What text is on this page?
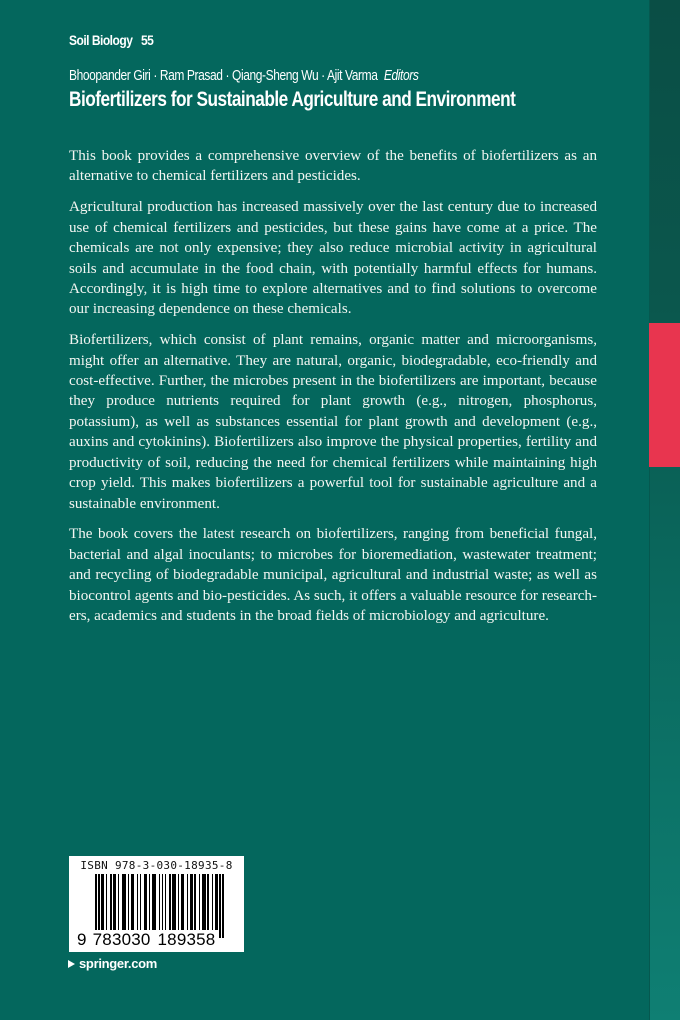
Soil Biology 55
Bhoopander Giri · Ram Prasad · Qiang-Sheng Wu · Ajit Varma Editors
Biofertilizers for Sustainable Agriculture and Environment

This book provides a comprehensive overview of the benefits of biofertilizers as an alternative to chemical fertilizers and pesticides.

Agricultural production has increased massively over the last century due to increased use of chemical fertilizers and pesticides, but these gains have come at a price. The chemicals are not only expensive; they also reduce microbial activity in agricultural soils and accumulate in the food chain, with potentially harmful effects for humans. Accordingly, it is high time to explore alternatives and to find solutions to overcome our increasing dependence on these chemicals.

Biofertilizers, which consist of plant remains, organic matter and microorganisms, might offer an alternative. They are natural, organic, biodegradable, eco-friendly and cost-effective. Further, the microbes present in the biofertilizers are important, because they produce nutrients required for plant growth (e.g., nitrogen, phosphorus, potassium), as well as substances essential for plant growth and development (e.g., auxins and cytokinins). Biofertilizers also improve the physical properties, fertility and productivity of soil, reducing the need for chemical fertilizers while maintaining high crop yield. This makes biofertilizers a powerful tool for sustainable agriculture and a sustainable environment.

The book covers the latest research on biofertilizers, ranging from beneficial fungal, bacterial and algal inoculants; to microbes for bioremediation, wastewater treatment; and recycling of biodegradable municipal, agricultural and industrial waste; as well as biocontrol agents and bio-pesticides. As such, it offers a valuable resource for researchers, academics and students in the broad fields of microbiology and agriculture.

ISBN 978-3-030-18935-8
9 783030 189358
springer.com
